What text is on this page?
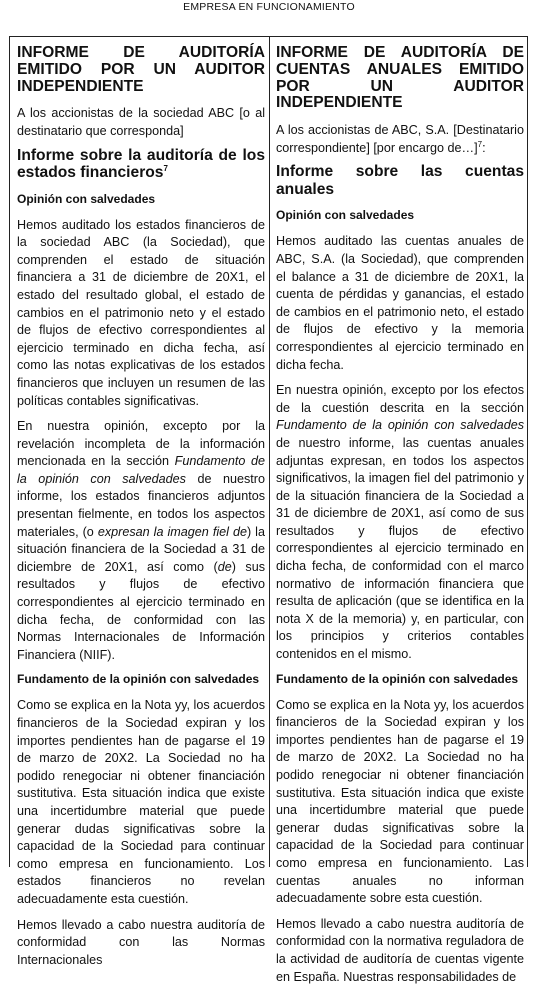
EMPRESA EN FUNCIONAMIENTO
INFORME DE AUDITORÍA EMITIDO POR UN AUDITOR INDEPENDIENTE
A los accionistas de la sociedad ABC [o al destinatario que corresponda]
Informe sobre la auditoría de los estados financieros$^7$
Opinión con salvedades
Hemos auditado los estados financieros de la sociedad ABC (la Sociedad), que comprenden el estado de situación financiera a 31 de diciembre de 20X1, el estado del resultado global, el estado de cambios en el patrimonio neto y el estado de flujos de efectivo correspondientes al ejercicio terminado en dicha fecha, así como las notas explicativas de los estados financieros que incluyen un resumen de las políticas contables significativas.
En nuestra opinión, excepto por la revelación incompleta de la información mencionada en la sección Fundamento de la opinión con salvedades de nuestro informe, los estados financieros adjuntos presentan fielmente, en todos los aspectos materiales, (o expresan la imagen fiel de) la situación financiera de la Sociedad a 31 de diciembre de 20X1, así como (de) sus resultados y flujos de efectivo correspondientes al ejercicio terminado en dicha fecha, de conformidad con las Normas Internacionales de Información Financiera (NIIF).
Fundamento de la opinión con salvedades
Como se explica en la Nota yy, los acuerdos financieros de la Sociedad expiran y los importes pendientes han de pagarse el 19 de marzo de 20X2. La Sociedad no ha podido renegociar ni obtener financiación sustitutiva. Esta situación indica que existe una incertidumbre material que puede generar dudas significativas sobre la capacidad de la Sociedad para continuar como empresa en funcionamiento. Los estados financieros no revelan adecuadamente esta cuestión.
Hemos llevado a cabo nuestra auditoría de conformidad con las Normas Internacionales
INFORME DE AUDITORÍA DE CUENTAS ANUALES EMITIDO POR UN AUDITOR INDEPENDIENTE
A los accionistas de ABC, S.A. [Destinatario correspondiente] [por encargo de…]$^7$:
Informe sobre las cuentas anuales
Opinión con salvedades
Hemos auditado las cuentas anuales de ABC, S.A. (la Sociedad), que comprenden el balance a 31 de diciembre de 20X1, la cuenta de pérdidas y ganancias, el estado de cambios en el patrimonio neto, el estado de flujos de efectivo y la memoria correspondientes al ejercicio terminado en dicha fecha.
En nuestra opinión, excepto por los efectos de la cuestión descrita en la sección Fundamento de la opinión con salvedades de nuestro informe, las cuentas anuales adjuntas expresan, en todos los aspectos significativos, la imagen fiel del patrimonio y de la situación financiera de la Sociedad a 31 de diciembre de 20X1, así como de sus resultados y flujos de efectivo correspondientes al ejercicio terminado en dicha fecha, de conformidad con el marco normativo de información financiera que resulta de aplicación (que se identifica en la nota X de la memoria) y, en particular, con los principios y criterios contables contenidos en el mismo.
Fundamento de la opinión con salvedades
Como se explica en la Nota yy, los acuerdos financieros de la Sociedad expiran y los importes pendientes han de pagarse el 19 de marzo de 20X2. La Sociedad no ha podido renegociar ni obtener financiación sustitutiva. Esta situación indica que existe una incertidumbre material que puede generar dudas significativas sobre la capacidad de la Sociedad para continuar como empresa en funcionamiento. Las cuentas anuales no informan adecuadamente sobre esta cuestión.
Hemos llevado a cabo nuestra auditoría de conformidad con la normativa reguladora de la actividad de auditoría de cuentas vigente en España. Nuestras responsabilidades de
